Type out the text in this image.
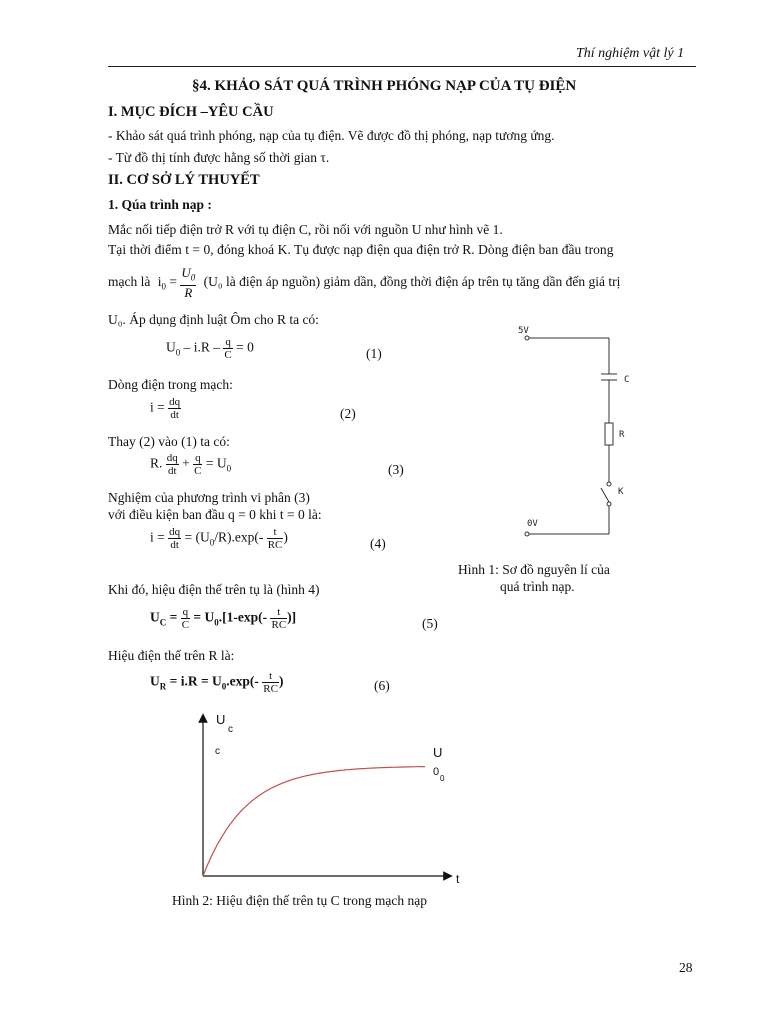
Thí nghiệm vật lý 1
§4. KHẢO SÁT QUÁ TRÌNH PHÓNG NẠP CỦA TỤ ĐIỆN
I. MỤC ĐÍCH –YÊU CẦU
- Khảo sát quá trình phóng, nạp của tụ điện. Vẽ được đồ thị phóng, nạp tương ứng.
- Từ đồ thị tính được hằng số thời gian τ.
II. CƠ SỞ LÝ THUYẾT
1. Qúa trình nạp :
Mắc nối tiếp điện trở R với tụ điện C, rồi nối với nguồn U như hình vẽ 1.
Tại thời điểm t = 0, đóng khoá K. Tụ được nạp điện qua điện trở R. Dòng điện ban đầu trong
mạch là $i_0 = \frac{U_0}{R} (U_0$ là điện áp nguồn) giảm dần, đồng thời điện áp trên tụ tăng dần đến giá trị
U₀. Áp dụng định luật Ôm cho R ta có:
$U_0 - i.R - \frac{q}{C} = 0$	(1)
Dòng điện trong mạch:
$i = \frac{dq}{dt}$	(2)
Thay (2) vào (1) ta có:
R. $\frac{dq}{dt} + \frac{q}{C} = U_0$	(3)
Nghiệm của phương trình vi phân (3)
với điều kiện ban đầu q = 0 khi t = 0 là:
$i = \frac{dq}{dt} = (U_0/R).\exp(- \frac{t}{RC}$ )	(4)
Khi đó, hiệu điện thế trên tụ là (hình 4)
$U_C = \frac{q}{C} = U_0.[1-\exp(- \frac{t}{RC}$ )]	(5)
Hiệu điện thế trên R là:
$U_R = i.R = U_0.\exp(- \frac{t}{RC}$ )	(6)
5V
C
R
K
0V
Hình 1: Sơ đồ nguyên lí của
quá trình nạp.
U
c
c	U
0
0
t
Hình 2: Hiệu điện thế trên tụ C trong mạch nạp
28
